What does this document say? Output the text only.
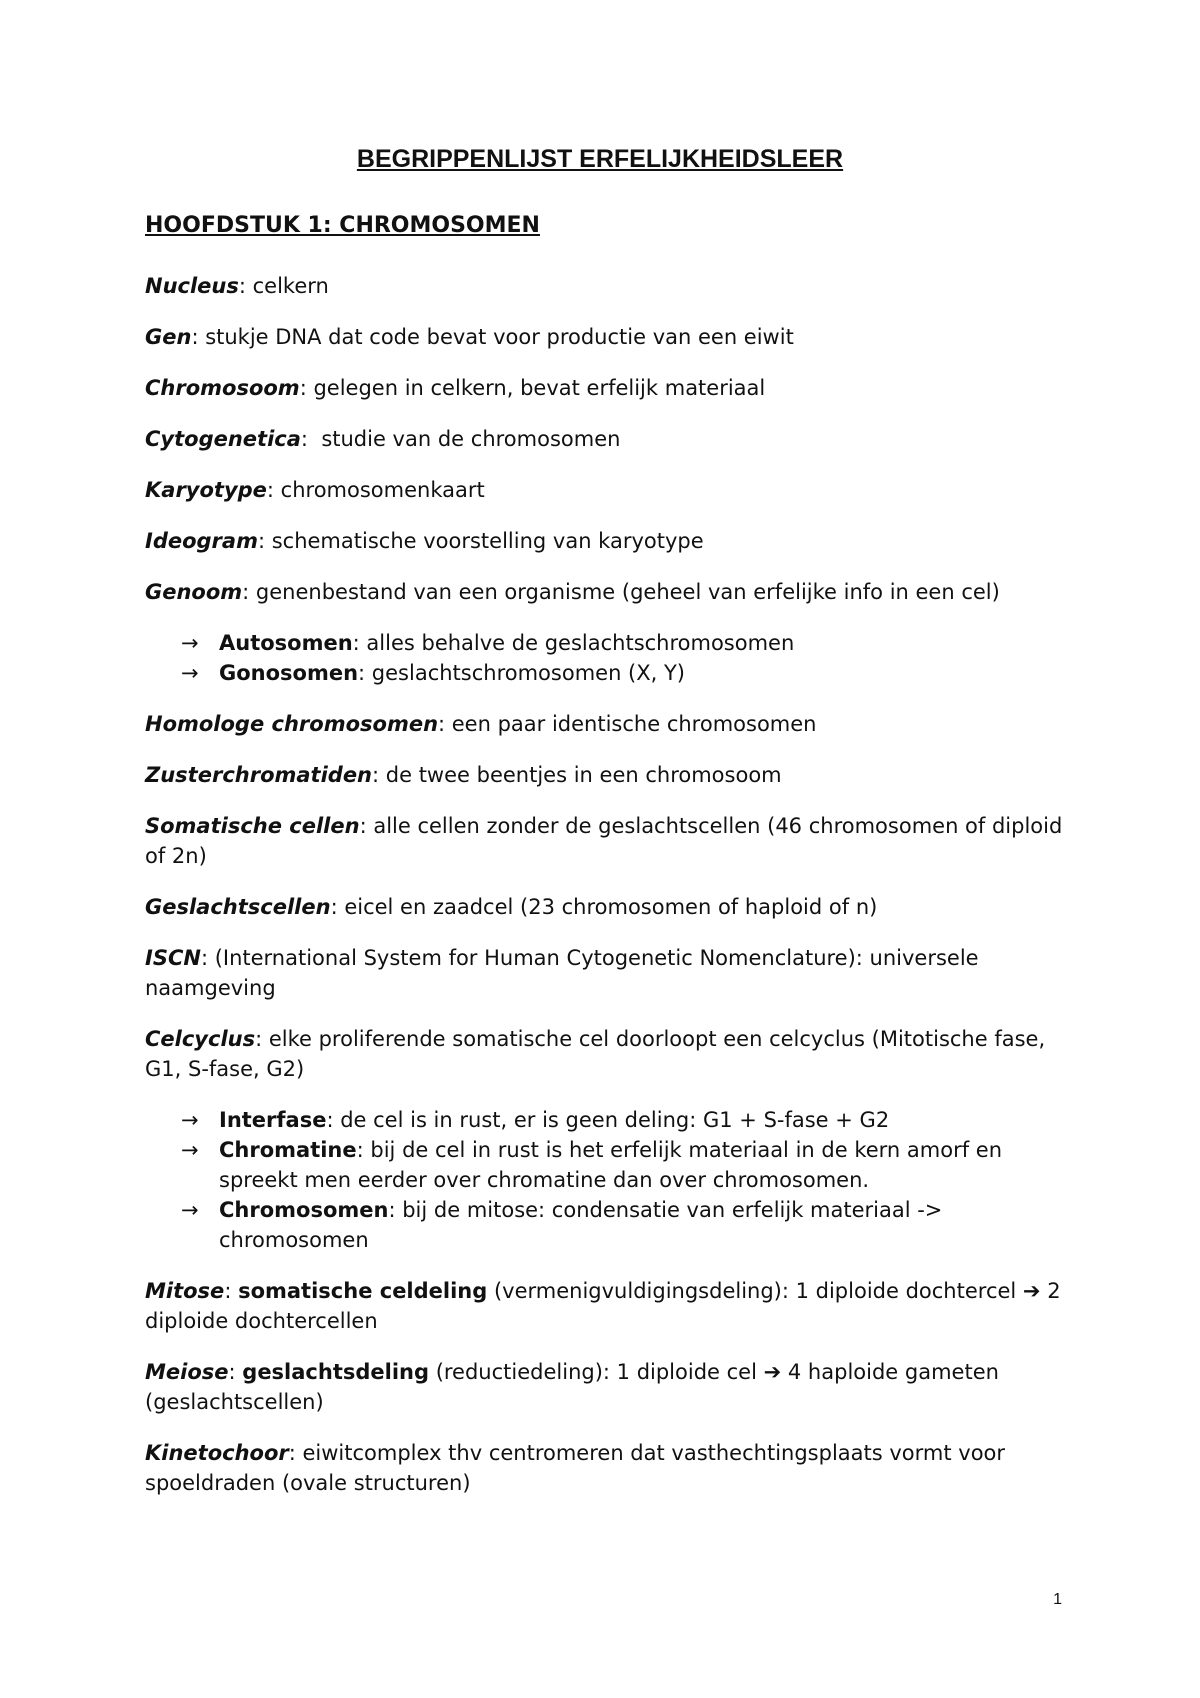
BEGRIPPENLIJST ERFELIJKHEIDSLEER
HOOFDSTUK 1: CHROMOSOMEN

Nucleus: celkern

Gen: stukje DNA dat code bevat voor productie van een eiwit

Chromosoom: gelegen in celkern, bevat erfelijk materiaal

Cytogenetica:  studie van de chromosomen

Karyotype: chromosomenkaart

Ideogram: schematische voorstelling van karyotype

Genoom: genenbestand van een organisme (geheel van erfelijke info in een cel)

→ Autosomen: alles behalve de geslachtschromosomen
→ Gonosomen: geslachtschromosomen (X, Y)

Homologe chromosomen: een paar identische chromosomen

Zusterchromatiden: de twee beentjes in een chromosoom

Somatische cellen: alle cellen zonder de geslachtscellen (46 chromosomen of diploid of 2n)

Geslachtscellen: eicel en zaadcel (23 chromosomen of haploid of n)

ISCN: (International System for Human Cytogenetic Nomenclature): universele naamgeving

Celcyclus: elke proliferende somatische cel doorloopt een celcyclus (Mitotische fase, G1, S-fase, G2)

→ Interfase: de cel is in rust, er is geen deling: G1 + S-fase + G2
→ Chromatine: bij de cel in rust is het erfelijk materiaal in de kern amorf en spreekt men eerder over chromatine dan over chromosomen.
→ Chromosomen: bij de mitose: condensatie van erfelijk materiaal -> chromosomen

Mitose: somatische celdeling (vermenigvuldigingsdeling): 1 diploide dochtercel ➔ 2 diploide dochtercellen

Meiose: geslachtsdeling (reductiedeling): 1 diploide cel ➔ 4 haploide gameten (geslachtscellen)

Kinetochoor: eiwitcomplex thv centromeren dat vasthechtingsplaats vormt voor spoeldraden (ovale structuren)

1
